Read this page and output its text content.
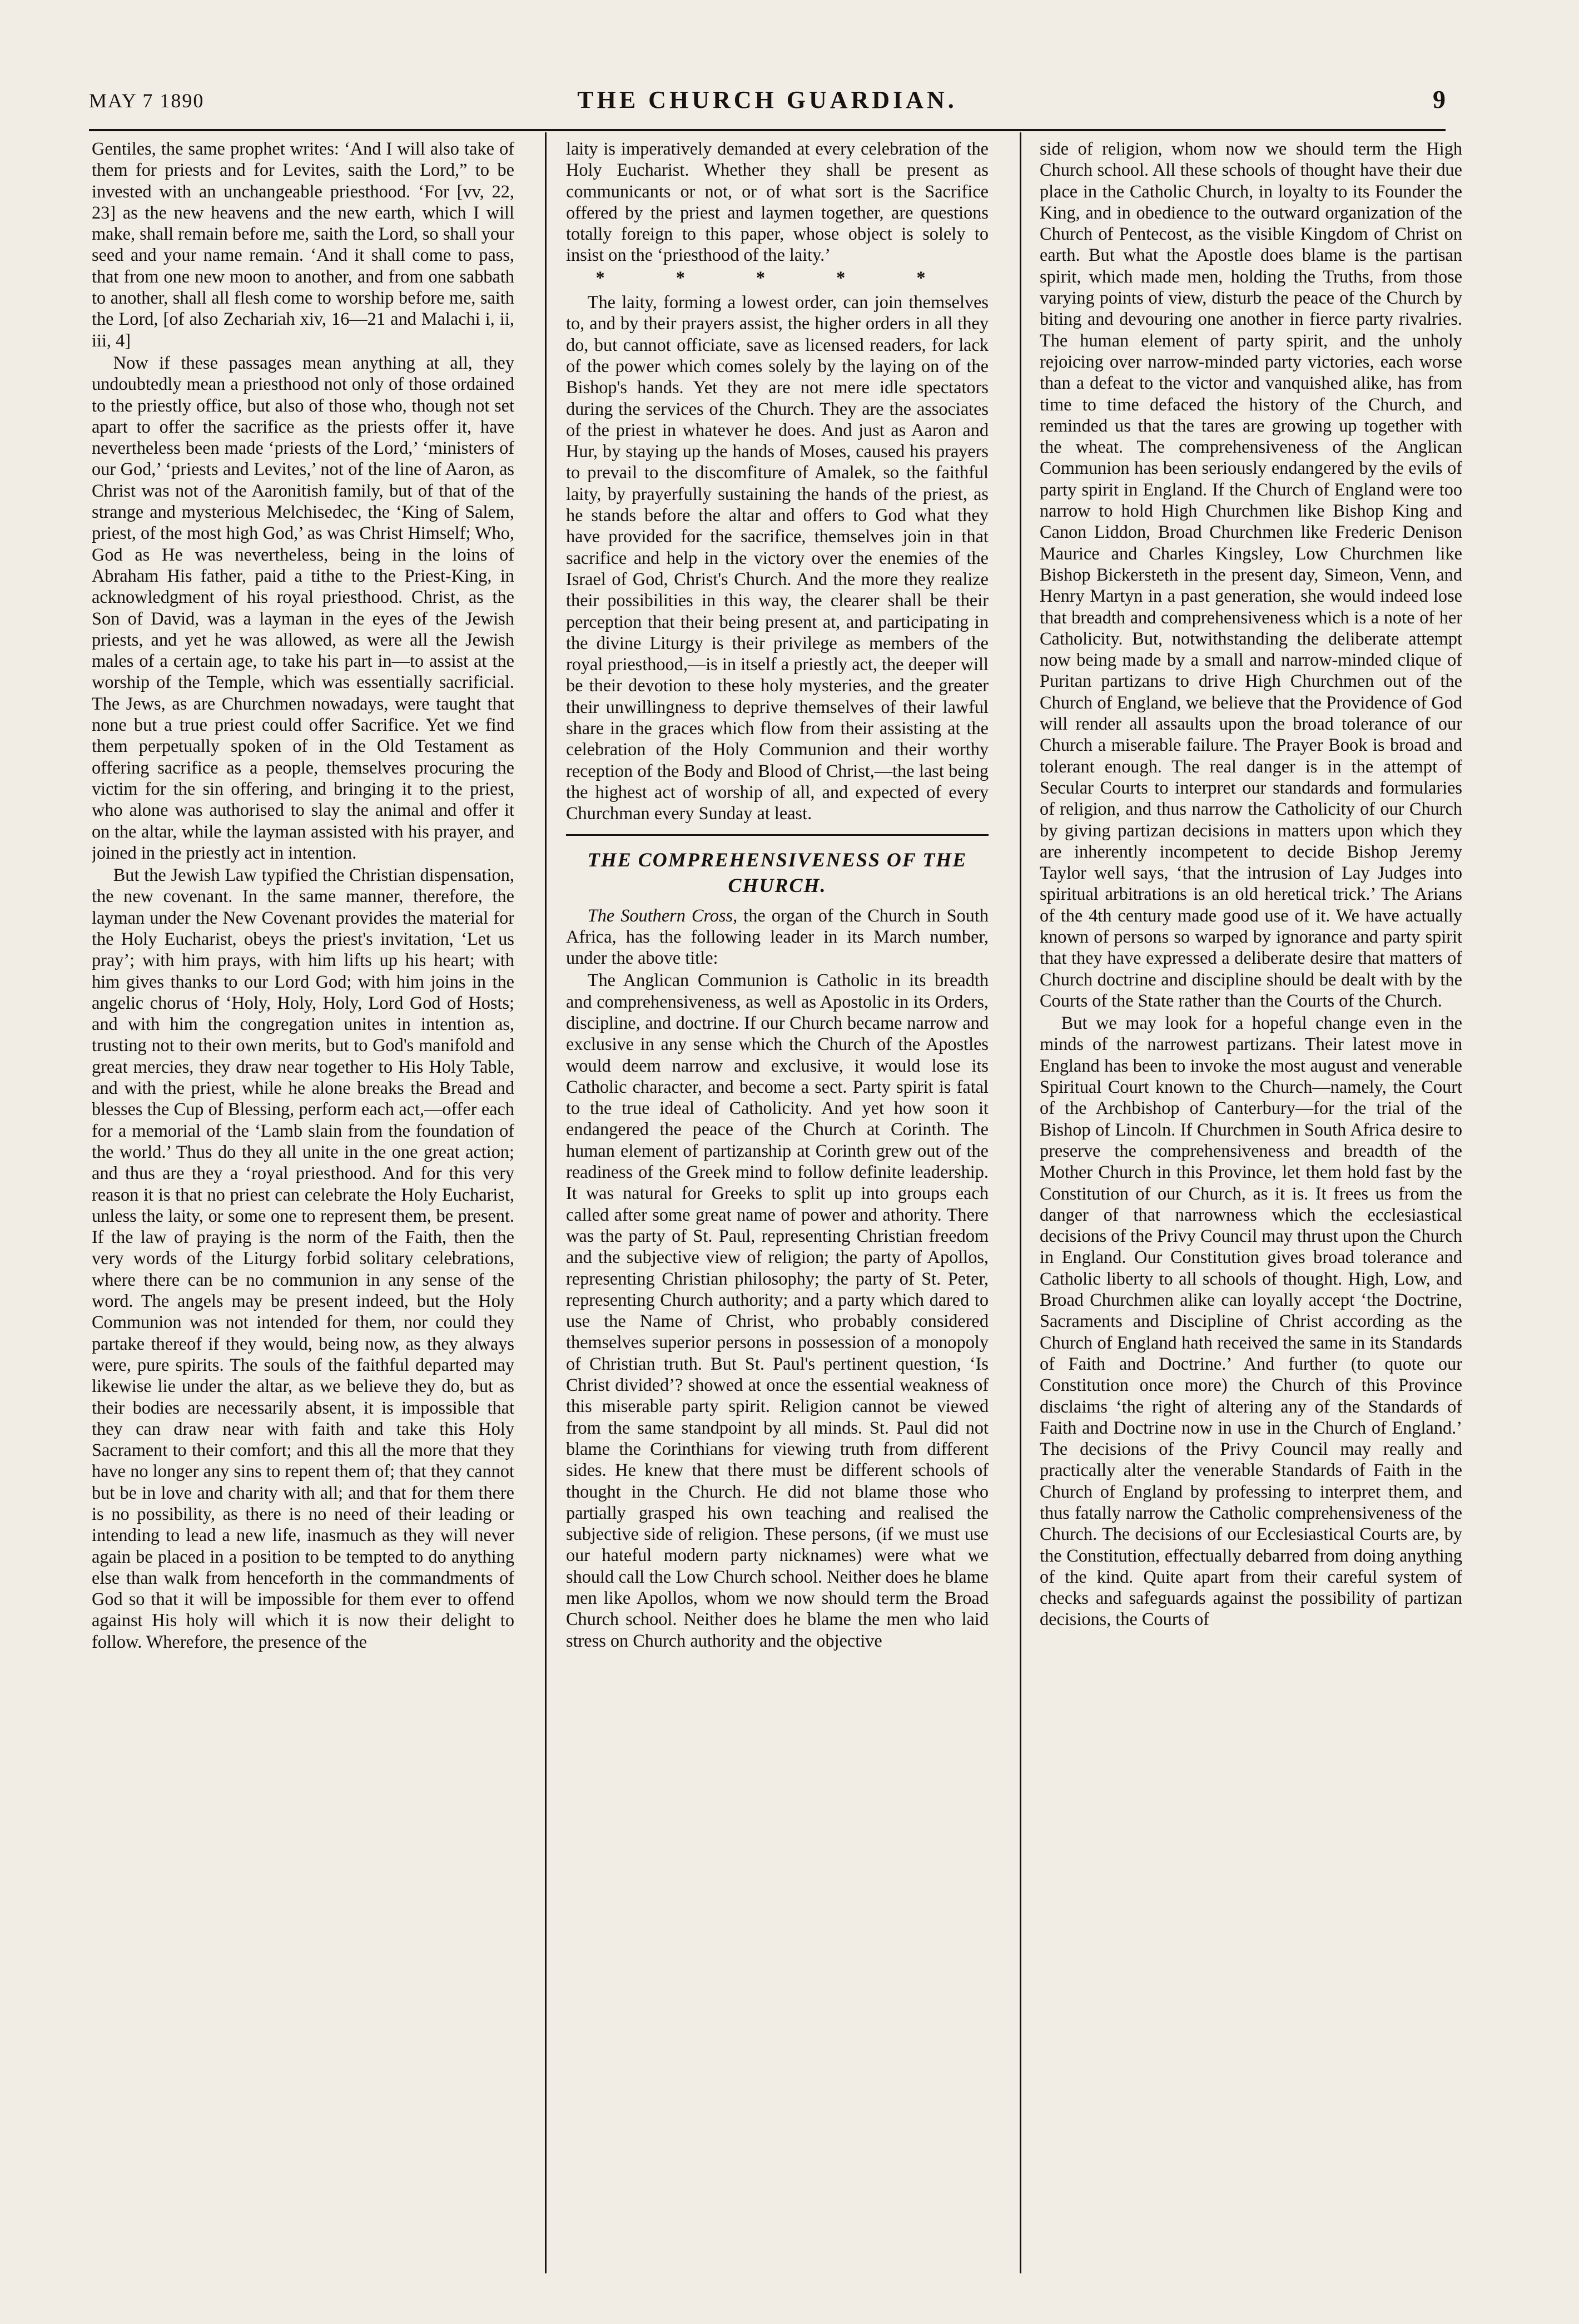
MAY 7 1890	THE CHURCH GUARDIAN.	9

Gentiles, the same prophet writes: ‘And I will also take of them for priests and for Levites, saith the Lord,” to be invested with an unchangeable priesthood. ‘For [vv, 22, 23] as the new heavens and the new earth, which I will make, shall remain before me, saith the Lord, so shall your seed and your name remain. ‘And it shall come to pass, that from one new moon to another, and from one sabbath to another, shall all flesh come to worship before me, saith the Lord, [of also Zechariah xiv, 16—21 and Malachi i, ii, iii, 4]

Now if these passages mean anything at all, they undoubtedly mean a priesthood not only of those ordained to the priestly office, but also of those who, though not set apart to offer the sacrifice as the priests offer it, have nevertheless been made ‘priests of the Lord,’ ‘ministers of our God,’ ‘priests and Levites,’ not of the line of Aaron, as Christ was not of the Aaronitish family, but of that of the strange and mysterious Melchisedec, the ‘King of Salem, priest, of the most high God,’ as was Christ Himself; Who, God as He was nevertheless, being in the loins of Abraham His father, paid a tithe to the Priest-King, in acknowledgment of his royal priesthood. Christ, as the Son of David, was a layman in the eyes of the Jewish priests, and yet he was allowed, as were all the Jewish males of a certain age, to take his part in—to assist at the worship of the Temple, which was essentially sacrificial. The Jews, as are Churchmen nowadays, were taught that none but a true priest could offer Sacrifice. Yet we find them perpetually spoken of in the Old Testament as offering sacrifice as a people, themselves procuring the victim for the sin offering, and bringing it to the priest, who alone was authorised to slay the animal and offer it on the altar, while the layman assisted with his prayer, and joined in the priestly act in intention.

But the Jewish Law typified the Christian dispensation, the new covenant. In the same manner, therefore, the layman under the New Covenant provides the material for the Holy Eucharist, obeys the priest's invitation, ‘Let us pray’; with him prays, with him lifts up his heart; with him gives thanks to our Lord God; with him joins in the angelic chorus of ‘Holy, Holy, Holy, Lord God of Hosts; and with him the congregation unites in intention as, trusting not to their own merits, but to God's manifold and great mercies, they draw near together to His Holy Table, and with the priest, while he alone breaks the Bread and blesses the Cup of Blessing, perform each act,—offer each for a memorial of the ‘Lamb slain from the foundation of the world.’ Thus do they all unite in the one great action; and thus are they a ‘royal priesthood. And for this very reason it is that no priest can celebrate the Holy Eucharist, unless the laity, or some one to represent them, be present. If the law of praying is the norm of the Faith, then the very words of the Liturgy forbid solitary celebrations, where there can be no communion in any sense of the word. The angels may be present indeed, but the Holy Communion was not intended for them, nor could they partake thereof if they would, being now, as they always were, pure spirits. The souls of the faithful departed may likewise lie under the altar, as we believe they do, but as their bodies are necessarily absent, it is impossible that they can draw near with faith and take this Holy Sacrament to their comfort; and this all the more that they have no longer any sins to repent them of; that they cannot but be in love and charity with all; and that for them there is no possibility, as there is no need of their leading or intending to lead a new life, inasmuch as they will never again be placed in a position to be tempted to do anything else than walk from henceforth in the commandments of God so that it will be impossible for them ever to offend against His holy will which it is now their delight to follow. Wherefore, the presence of the

laity is imperatively demanded at every celebration of the Holy Eucharist. Whether they shall be present as communicants or not, or of what sort is the Sacrifice offered by the priest and laymen together, are questions totally foreign to this paper, whose object is solely to insist on the ‘priesthood of the laity.’

* * * * *

The laity, forming a lowest order, can join themselves to, and by their prayers assist, the higher orders in all they do, but cannot officiate, save as licensed readers, for lack of the power which comes solely by the laying on of the Bishop's hands. Yet they are not mere idle spectators during the services of the Church. They are the associates of the priest in whatever he does. And just as Aaron and Hur, by staying up the hands of Moses, caused his prayers to prevail to the discomfiture of Amalek, so the faithful laity, by prayerfully sustaining the hands of the priest, as he stands before the altar and offers to God what they have provided for the sacrifice, themselves join in that sacrifice and help in the victory over the enemies of the Israel of God, Christ's Church. And the more they realize their possibilities in this way, the clearer shall be their perception that their being present at, and participating in the divine Liturgy is their privilege as members of the royal priesthood,—is in itself a priestly act, the deeper will be their devotion to these holy mysteries, and the greater their unwillingness to deprive themselves of their lawful share in the graces which flow from their assisting at the celebration of the Holy Communion and their worthy reception of the Body and Blood of Christ,—the last being the highest act of worship of all, and expected of every Churchman every Sunday at least.

THE COMPREHENSIVENESS OF THE CHURCH.

The Southern Cross, the organ of the Church in South Africa, has the following leader in its March number, under the above title:

The Anglican Communion is Catholic in its breadth and comprehensiveness, as well as Apostolic in its Orders, discipline, and doctrine. If our Church became narrow and exclusive in any sense which the Church of the Apostles would deem narrow and exclusive, it would lose its Catholic character, and become a sect. Party spirit is fatal to the true ideal of Catholicity. And yet how soon it endangered the peace of the Church at Corinth. The human element of partizanship at Corinth grew out of the readiness of the Greek mind to follow definite leadership. It was natural for Greeks to split up into groups each called after some great name of power and athority. There was the party of St. Paul, representing Christian freedom and the subjective view of religion; the party of Apollos, representing Christian philosophy; the party of St. Peter, representing Church authority; and a party which dared to use the Name of Christ, who probably considered themselves superior persons in possession of a monopoly of Christian truth. But St. Paul's pertinent question, ‘Is Christ divided’? showed at once the essential weakness of this miserable party spirit. Religion cannot be viewed from the same standpoint by all minds. St. Paul did not blame the Corinthians for viewing truth from different sides. He knew that there must be different schools of thought in the Church. He did not blame those who partially grasped his own teaching and realised the subjective side of religion. These persons, (if we must use our hateful modern party nicknames) were what we should call the Low Church school. Neither does he blame men like Apollos, whom we now should term the Broad Church school. Neither does he blame the men who laid stress on Church authority and the objective

side of religion, whom now we should term the High Church school. All these schools of thought have their due place in the Catholic Church, in loyalty to its Founder the King, and in obedience to the outward organization of the Church of Pentecost, as the visible Kingdom of Christ on earth. But what the Apostle does blame is the partisan spirit, which made men, holding the Truths, from those varying points of view, disturb the peace of the Church by biting and devouring one another in fierce party rivalries. The human element of party spirit, and the unholy rejoicing over narrow-minded party victories, each worse than a defeat to the victor and vanquished alike, has from time to time defaced the history of the Church, and reminded us that the tares are growing up together with the wheat. The comprehensiveness of the Anglican Communion has been seriously endangered by the evils of party spirit in England. If the Church of England were too narrow to hold High Churchmen like Bishop King and Canon Liddon, Broad Churchmen like Frederic Denison Maurice and Charles Kingsley, Low Churchmen like Bishop Bickersteth in the present day, Simeon, Venn, and Henry Martyn in a past generation, she would indeed lose that breadth and comprehensiveness which is a note of her Catholicity. But, notwithstanding the deliberate attempt now being made by a small and narrow-minded clique of Puritan partizans to drive High Churchmen out of the Church of England, we believe that the Providence of God will render all assaults upon the broad tolerance of our Church a miserable failure. The Prayer Book is broad and tolerant enough. The real danger is in the attempt of Secular Courts to interpret our standards and formularies of religion, and thus narrow the Catholicity of our Church by giving partizan decisions in matters upon which they are inherently incompetent to decide Bishop Jeremy Taylor well says, ‘that the intrusion of Lay Judges into spiritual arbitrations is an old heretical trick.’ The Arians of the 4th century made good use of it. We have actually known of persons so warped by ignorance and party spirit that they have expressed a deliberate desire that matters of Church doctrine and discipline should be dealt with by the Courts of the State rather than the Courts of the Church.

But we may look for a hopeful change even in the minds of the narrowest partizans. Their latest move in England has been to invoke the most august and venerable Spiritual Court known to the Church—namely, the Court of the Archbishop of Canterbury—for the trial of the Bishop of Lincoln. If Churchmen in South Africa desire to preserve the comprehensiveness and breadth of the Mother Church in this Province, let them hold fast by the Constitution of our Church, as it is. It frees us from the danger of that narrowness which the ecclesiastical decisions of the Privy Council may thrust upon the Church in England. Our Constitution gives broad tolerance and Catholic liberty to all schools of thought. High, Low, and Broad Churchmen alike can loyally accept ‘the Doctrine, Sacraments and Discipline of Christ according as the Church of England hath received the same in its Standards of Faith and Doctrine.’ And further (to quote our Constitution once more) the Church of this Province disclaims ‘the right of altering any of the Standards of Faith and Doctrine now in use in the Church of England.’ The decisions of the Privy Council may really and practically alter the venerable Standards of Faith in the Church of England by professing to interpret them, and thus fatally narrow the Catholic comprehensiveness of the Church. The decisions of our Ecclesiastical Courts are, by the Constitution, effectually debarred from doing anything of the kind. Quite apart from their careful system of checks and safeguards against the possibility of partizan decisions, the Courts of
